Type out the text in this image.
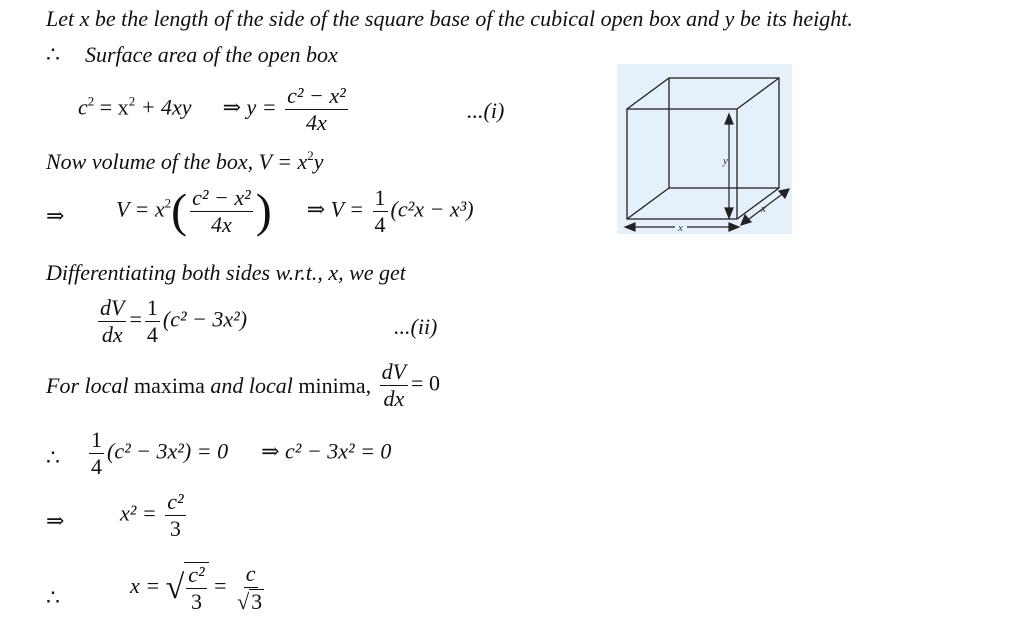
Let x be the length of the side of the square base of the cubical open box and y be its height.
∴ Surface area of the open box
$c^2 = x^2 + 4xy$ ⇒ $y = \frac{\text{c² − x²}}{4x}$	...(i)
Now volume of the box, $V = x^2y$
⇒ $V = x^2( \frac{\text{c² − x²}}{4x}$ ) ⇒ $V = \frac{1}{4} (c^2x - x^3)$
Differentiating both sides w.r.t., x, we get
$\frac{dV}{dx} = \frac{1}{4} (c^2 - 3x^2)$	...(ii)
For local maxima and local minima, $\frac{dV}{dx} = 0$
∴ $\frac{1}{4} (c^2 - 3x^2) = 0$ ⇒ c² − 3x² = 0
⇒	$x^2 = \frac{\text{c²}}{3}$
∴	x = √ $\frac{\text{c²}}{3} = \frac{c}{√3}$
y
x
x
